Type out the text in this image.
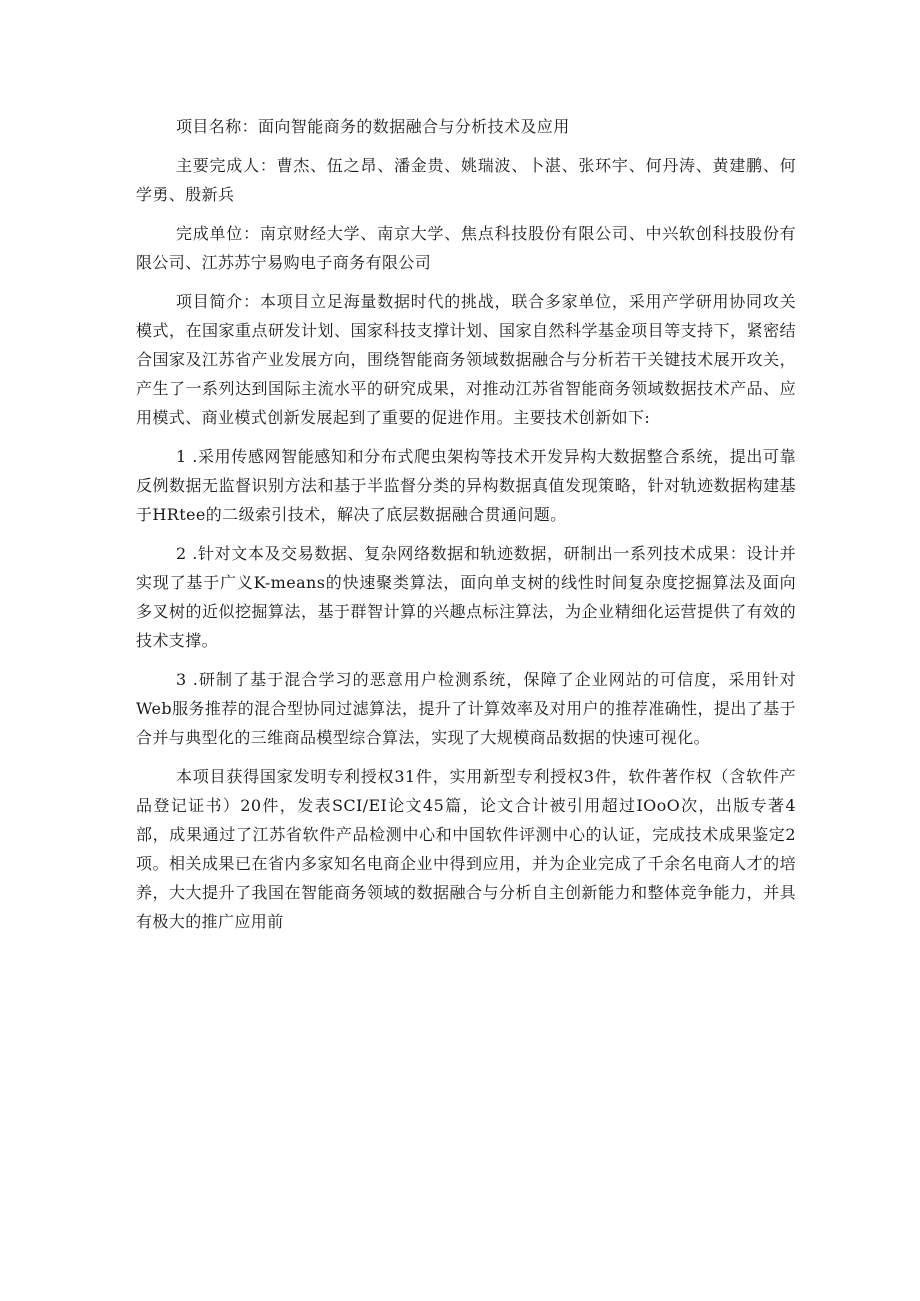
项目名称：面向智能商务的数据融合与分析技术及应用

主要完成人：曹杰、伍之昂、潘金贵、姚瑞波、卜湛、张环宇、何丹涛、黄建鹏、何学勇、殷新兵

完成单位：南京财经大学、南京大学、焦点科技股份有限公司、中兴软创科技股份有限公司、江苏苏宁易购电子商务有限公司

项目简介：本项目立足海量数据时代的挑战，联合多家单位，采用产学研用协同攻关模式，在国家重点研发计划、国家科技支撑计划、国家自然科学基金项目等支持下，紧密结合国家及江苏省产业发展方向，围绕智能商务领域数据融合与分析若干关键技术展开攻关，产生了一系列达到国际主流水平的研究成果，对推动江苏省智能商务领域数据技术产品、应用模式、商业模式创新发展起到了重要的促进作用。主要技术创新如下:

1 .采用传感网智能感知和分布式爬虫架构等技术开发异构大数据整合系统，提出可靠反例数据无监督识别方法和基于半监督分类的异构数据真值发现策略，针对轨迹数据构建基于HRtee的二级索引技术，解决了底层数据融合贯通问题。

2 .针对文本及交易数据、复杂网络数据和轨迹数据，研制出一系列技术成果：设计并实现了基于广义K-means的快速聚类算法，面向单支树的线性时间复杂度挖掘算法及面向多叉树的近似挖掘算法，基于群智计算的兴趣点标注算法，为企业精细化运营提供了有效的技术支撑。

3 .研制了基于混合学习的恶意用户检测系统，保障了企业网站的可信度，采用针对Web服务推荐的混合型协同过滤算法，提升了计算效率及对用户的推荐准确性，提出了基于合并与典型化的三维商品模型综合算法，实现了大规模商品数据的快速可视化。

本项目获得国家发明专利授权31件，实用新型专利授权3件，软件著作权（含软件产品登记证书）20件，发表SCI/EI论文45篇，论文合计被引用超过IOoO次，出版专著4部，成果通过了江苏省软件产品检测中心和中国软件评测中心的认证，完成技术成果鉴定2项。相关成果已在省内多家知名电商企业中得到应用，并为企业完成了千余名电商人才的培养，大大提升了我国在智能商务领域的数据融合与分析自主创新能力和整体竞争能力，并具有极大的推广应用前
